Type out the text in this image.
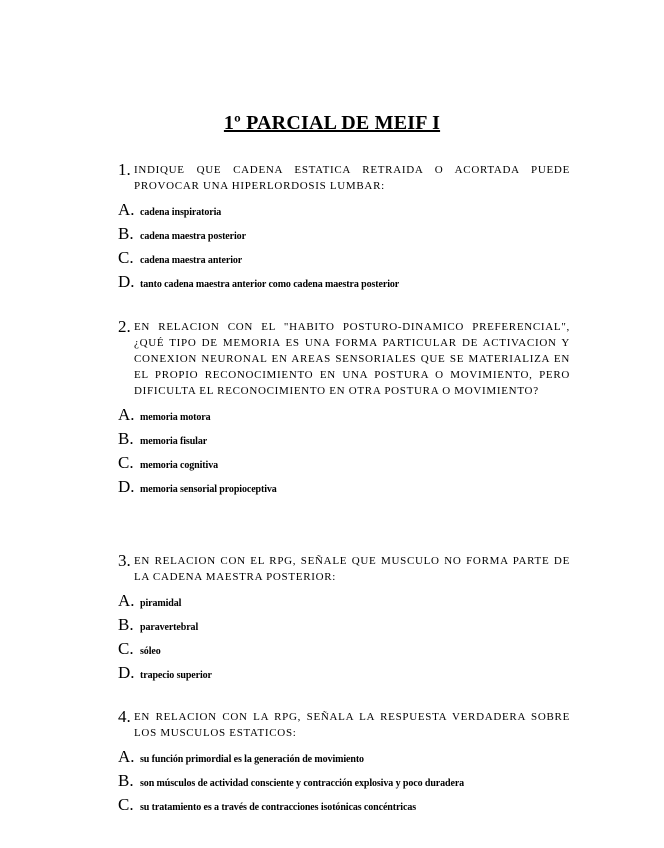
1º PARCIAL DE MEIF I
1. INDIQUE QUE CADENA ESTATICA RETRAIDA O ACORTADA PUEDE PROVOCAR UNA HIPERLORDOSIS LUMBAR:
A. cadena inspiratoria
B. cadena maestra posterior
C. cadena maestra anterior
D. tanto cadena maestra anterior como cadena maestra posterior
2. EN RELACION CON EL "HABITO POSTURO-DINAMICO PREFERENCIAL", ¿QUÉ TIPO DE MEMORIA ES UNA FORMA PARTICULAR DE ACTIVACION Y CONEXION NEURONAL EN AREAS SENSORIALES QUE SE MATERIALIZA EN EL PROPIO RECONOCIMIENTO EN UNA POSTURA O MOVIMIENTO, PERO DIFICULTA EL RECONOCIMIENTO EN OTRA POSTURA O MOVIMIENTO?
A. memoria motora
B. memoria fisular
C. memoria cognitiva
D. memoria sensorial propioceptiva
3. EN RELACION CON EL RPG, SEÑALE QUE MUSCULO NO FORMA PARTE DE LA CADENA MAESTRA POSTERIOR:
A. piramidal
B. paravertebral
C. sóleo
D. trapecio superior
4. EN RELACION CON LA RPG, SEÑALA LA RESPUESTA VERDADERA SOBRE LOS MUSCULOS ESTATICOS:
A. su función primordial es la generación de movimiento
B. son músculos de actividad consciente y contracción explosiva y poco duradera
C. su tratamiento es a través de contracciones isotónicas concéntricas
